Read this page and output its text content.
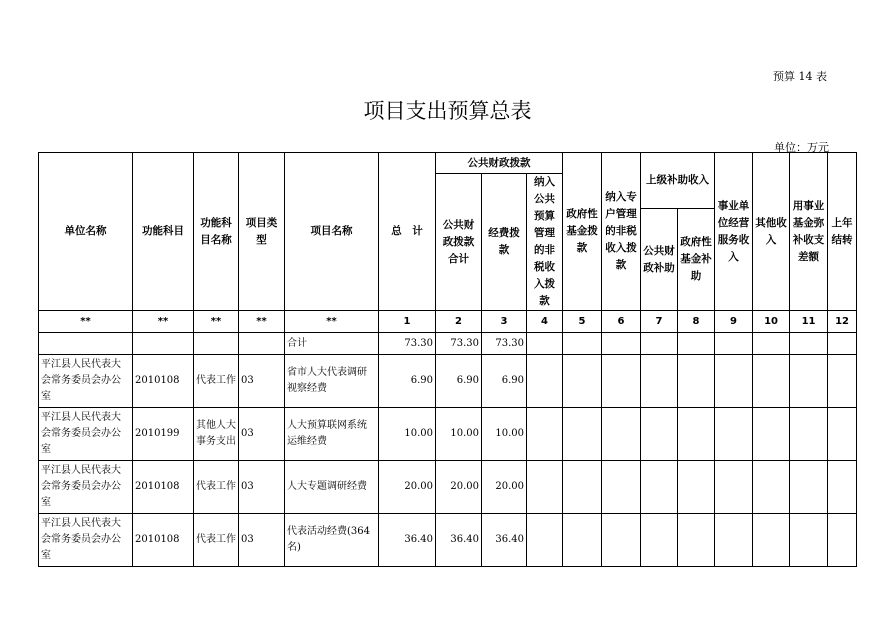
预算 14 表
项目支出预算总表
单位：万元
单位名称	功能科目	功能科目名称	项目类型	项目名称	总　计	公共财政拨款			政府性基金拨款	纳入专户管理的非税收入拨款	上级补助收入		事业单位经营服务收入	其他收入	用事业基金弥补收支差额	上年结转
						公共财政拨款合计	经费拨款	纳入公共预算管理的非税收入拨款								
											公共财政补助	政府性基金补助				
**	**	**	**	**	1	2	3	4	5	6	7	8	9	10	11	12
				合计	73.30	73.30	73.30									
平江县人民代表大会常务委员会办公室	2010108	代表工作	03	省市人大代表调研视察经费	6.90	6.90	6.90									
平江县人民代表大会常务委员会办公室	2010199	其他人大事务支出	03	人大预算联网系统运维经费	10.00	10.00	10.00									
平江县人民代表大会常务委员会办公室	2010108	代表工作	03	人大专题调研经费	20.00	20.00	20.00									
平江县人民代表大会常务委员会办公室	2010108	代表工作	03	代表活动经费(364名)	36.40	36.40	36.40									
